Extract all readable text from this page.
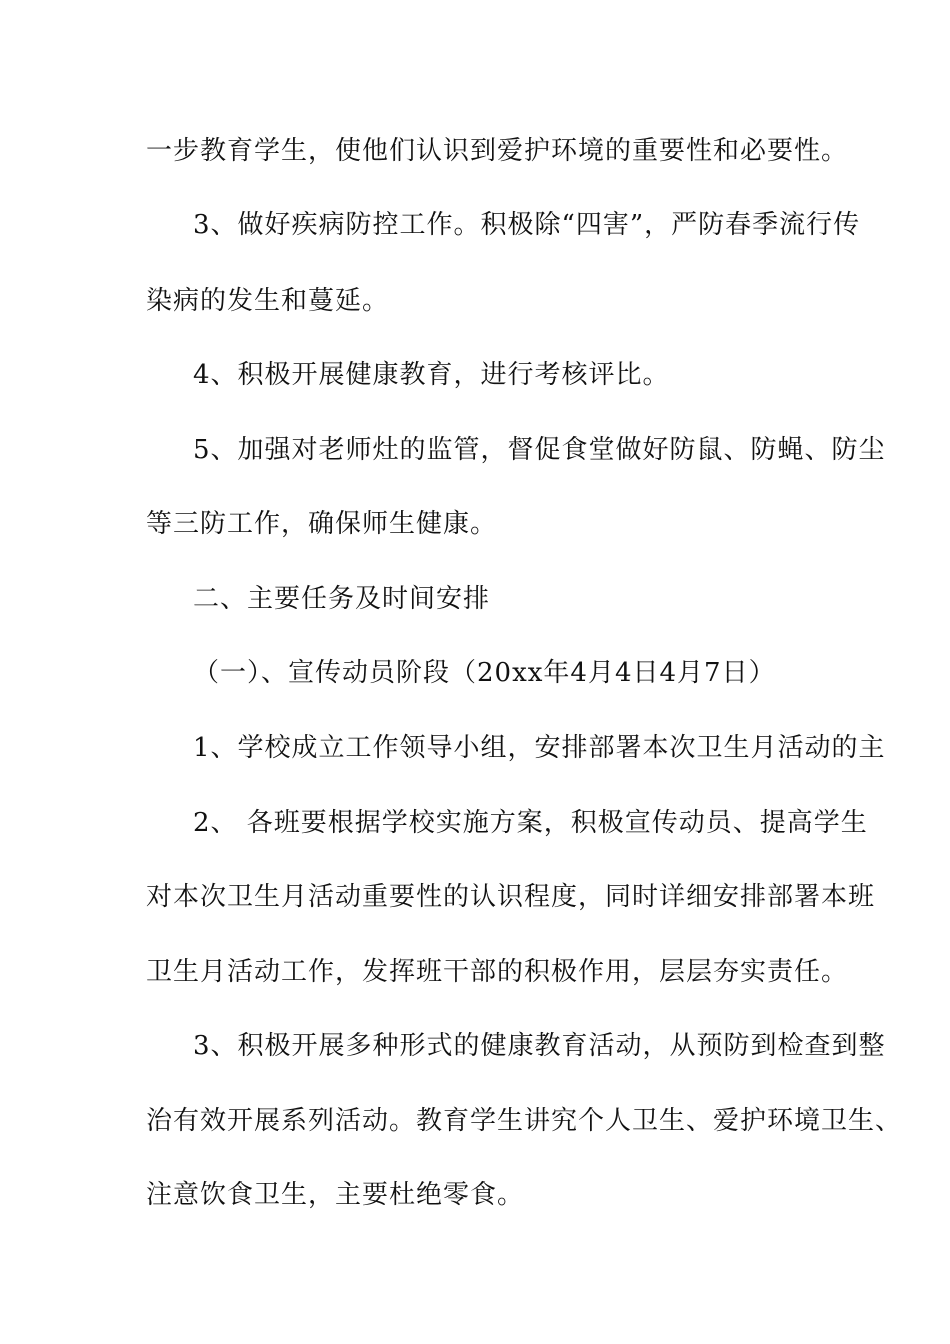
一步教育学生，使他们认识到爱护环境的重要性和必要性。
3、做好疾病防控工作。积极除“四害”，严防春季流行传
染病的发生和蔓延。
4、积极开展健康教育，进行考核评比。
5、加强对老师灶的监管，督促食堂做好防鼠、防蝇、防尘
等三防工作，确保师生健康。
二、主要任务及时间安排
（一）、宣传动员阶段（20xx年4月4日4月7日）
1、学校成立工作领导小组，安排部署本次卫生月活动的主
2、 各班要根据学校实施方案，积极宣传动员、提高学生
对本次卫生月活动重要性的认识程度，同时详细安排部署本班
卫生月活动工作，发挥班干部的积极作用，层层夯实责任。
3、积极开展多种形式的健康教育活动，从预防到检查到整
治有效开展系列活动。教育学生讲究个人卫生、爱护环境卫生、
注意饮食卫生，主要杜绝零食。
